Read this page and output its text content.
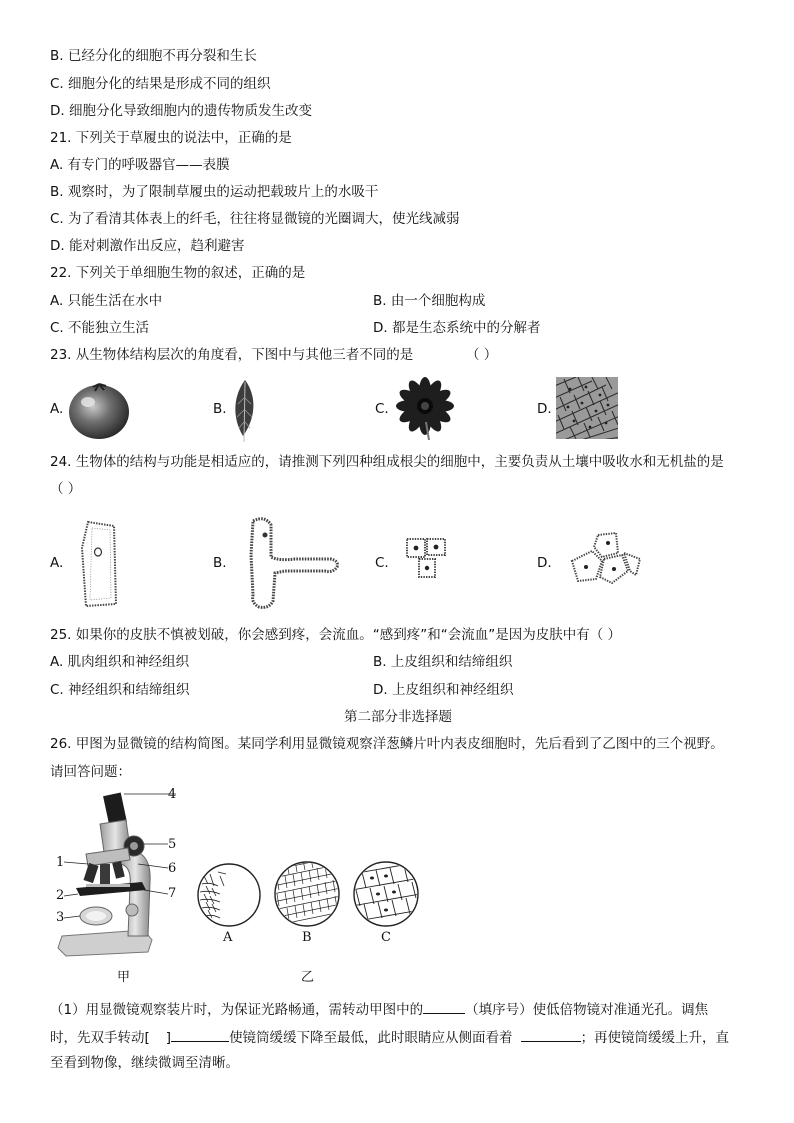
B. 已经分化的细胞不再分裂和生长
C. 细胞分化的结果是形成不同的组织
D. 细胞分化导致细胞内的遗传物质发生改变
21. 下列关于草履虫的说法中，正确的是
A. 有专门的呼吸器官——表膜
B. 观察时，为了限制草履虫的运动把载玻片上的水吸干
C. 为了看清其体表上的纤毛，往往将显微镜的光圈调大，使光线减弱
D. 能对刺激作出反应，趋利避害
22. 下列关于单细胞生物的叙述，正确的是
A. 只能生活在水中	B. 由一个细胞构成
C. 不能独立生活	D. 都是生态系统中的分解者
23. 从生物体结构层次的角度看，下图中与其他三者不同的是	（ ）
A.	B.	C.	D.
24. 生物体的结构与功能是相适应的，请推测下列四种组成根尖的细胞中，主要负责从土壤中吸收水和无机盐的是
（ ）
A.	B.	C.	D.
25. 如果你的皮肤不慎被划破，你会感到疼，会流血。“感到疼”和“会流血”是因为皮肤中有（ ）
A. 肌肉组织和神经组织	B. 上皮组织和结缔组织
C. 神经组织和结缔组织	D. 上皮组织和神经组织
第二部分非选择题
26. 甲图为显微镜的结构简图。某同学利用显微镜观察洋葱鳞片叶内表皮细胞时，先后看到了乙图中的三个视野。
请回答问题：
1
2
3
4
5
6
7
甲
A	B	C
乙
（1）用显微镜观察装片时，为保证光路畅通，需转动甲图中的	（填序号）使低倍物镜对准通光孔。调焦
时，先双手转动[ ]	使镜筒缓缓下降至最低，此时眼睛应从侧面看着	；再使镜筒缓缓上升，直
至看到物像，继续微调至清晰。
